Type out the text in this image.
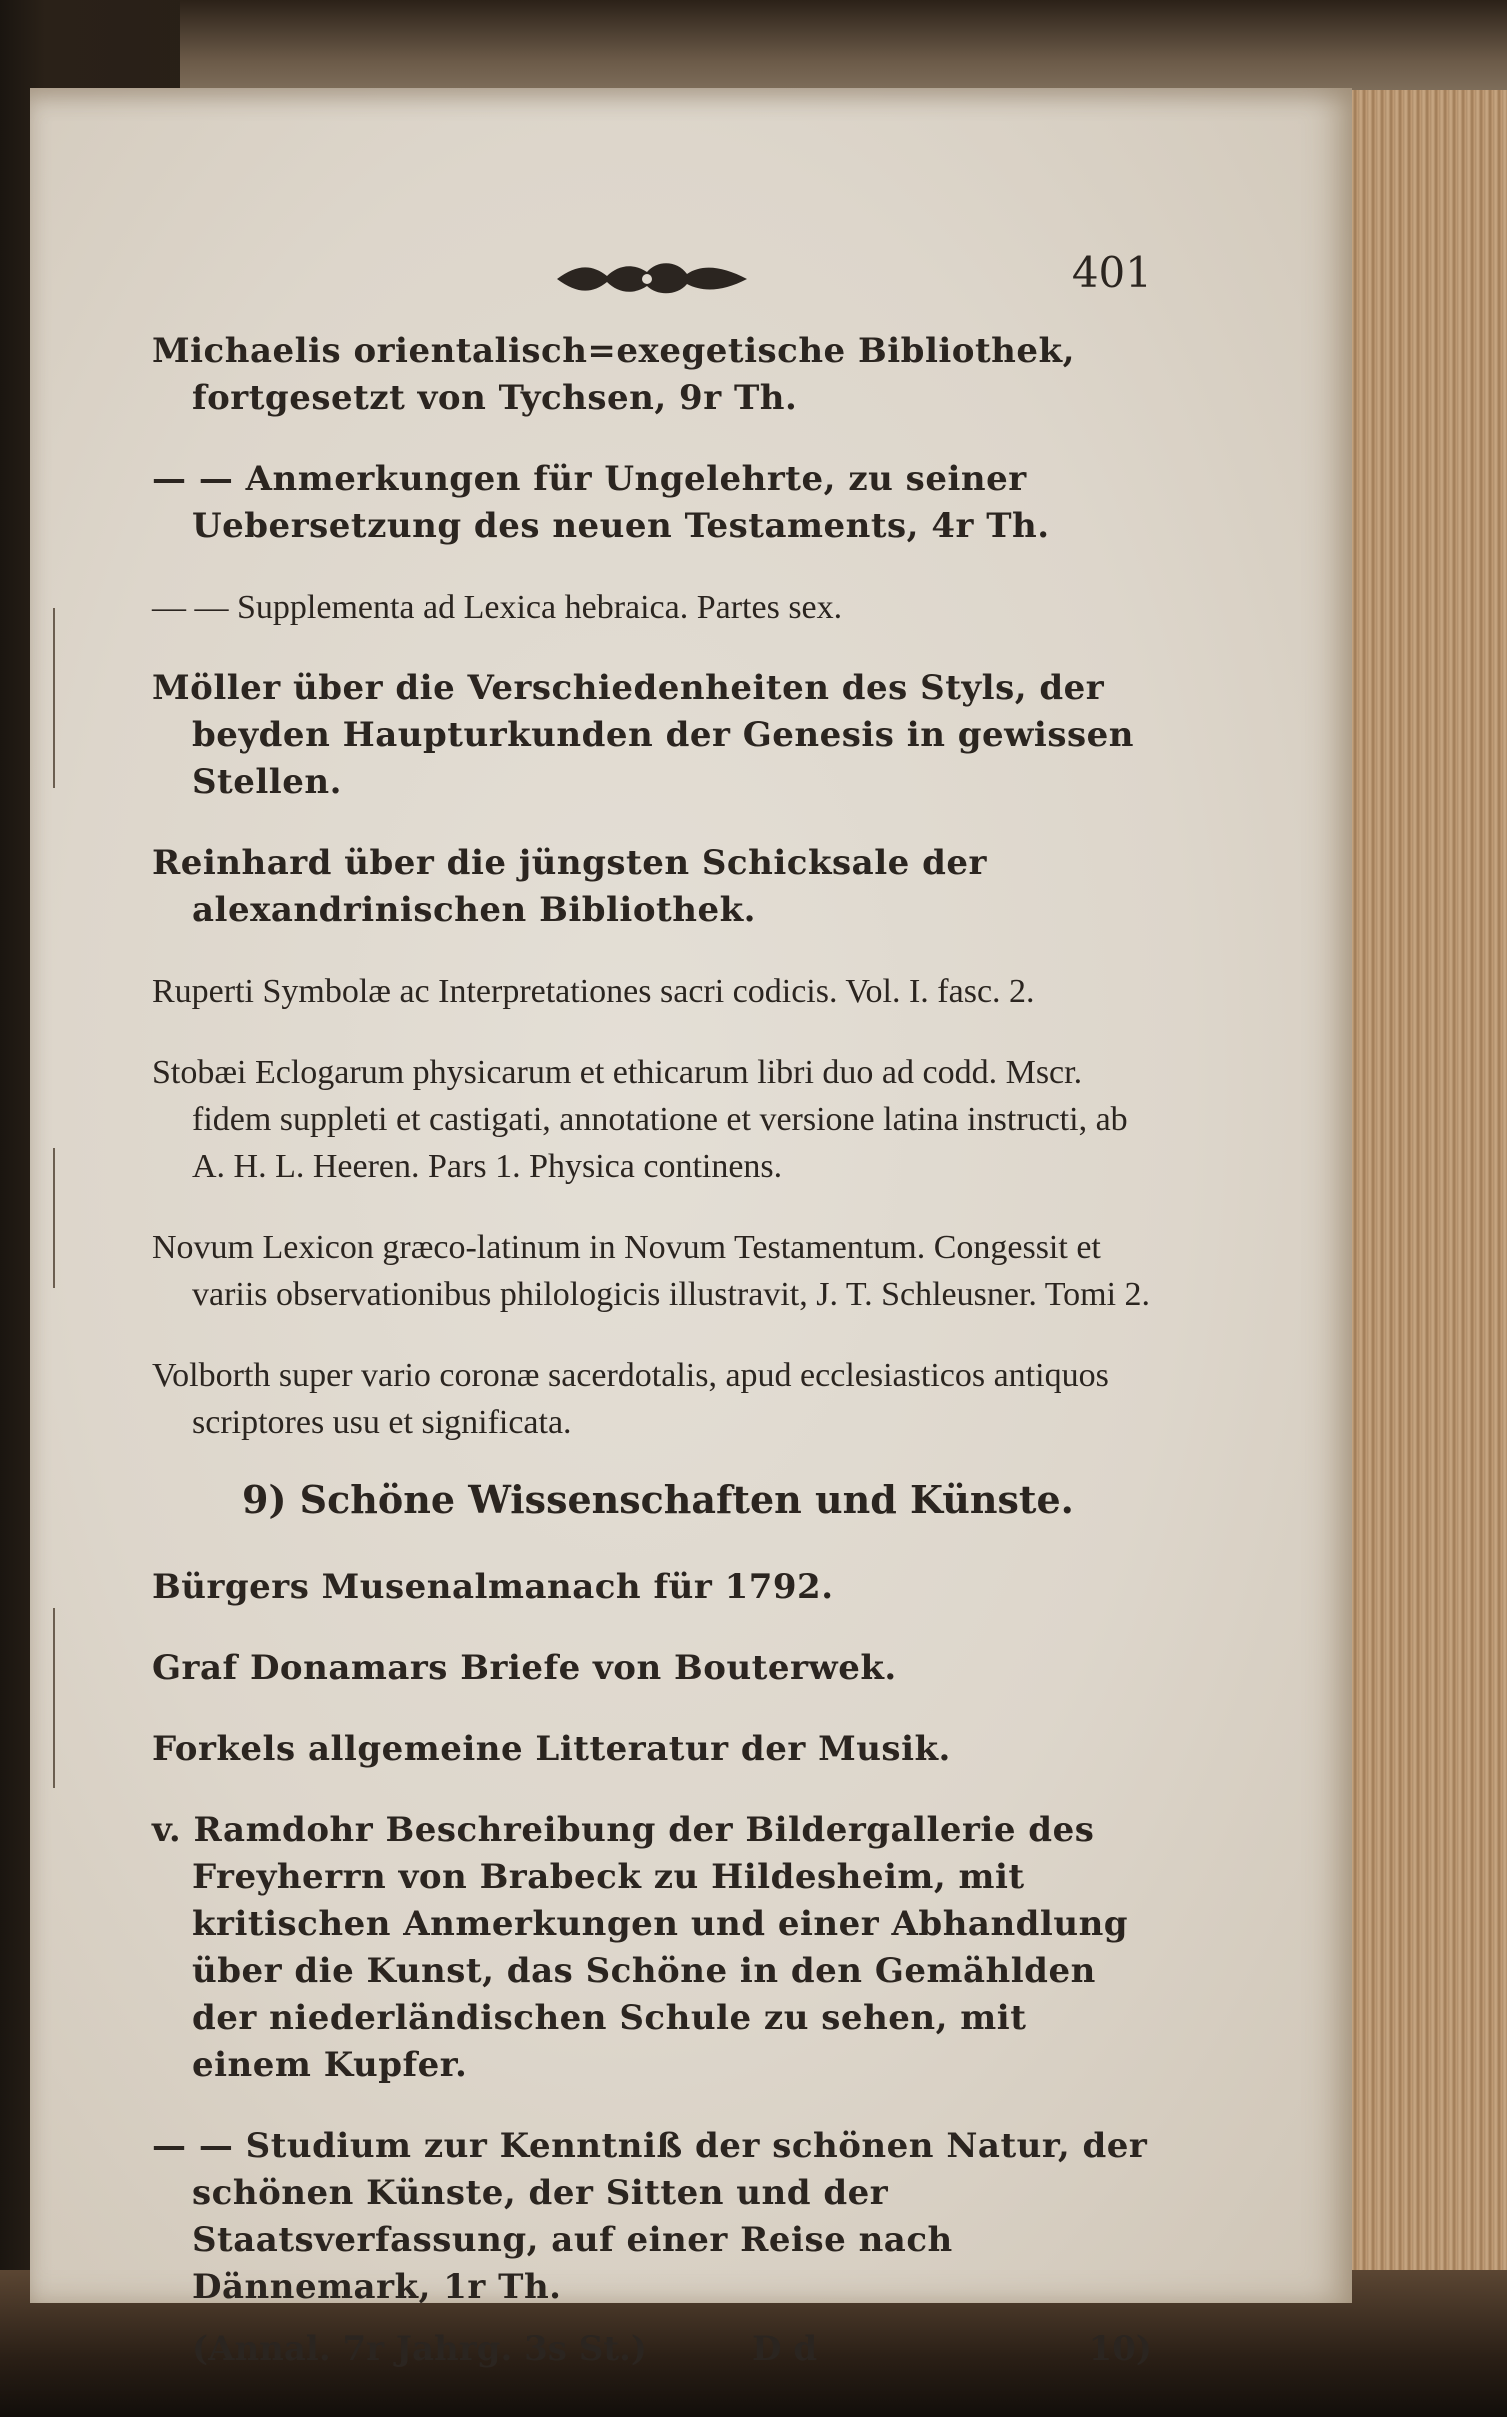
401

Michaelis orientalisch=exegetische Bibliothek, fortgesetzt von Tychsen, 9r Th.

— — Anmerkungen für Ungelehrte, zu seiner Uebersetzung des neuen Testaments, 4r Th.

— — Supplementa ad Lexica hebraica. Partes sex.

Möller über die Verschiedenheiten des Styls, der beyden Haupturkunden der Genesis in gewissen Stellen.

Reinhard über die jüngsten Schicksale der alexandrinischen Bibliothek.

Ruperti Symbolæ ac Interpretationes sacri codicis. Vol. I. fasc. 2.

Stobæi Eclogarum physicarum et ethicarum libri duo ad codd. Mscr. fidem suppleti et castigati, annotatione et versione latina instructi, ab A. H. L. Heeren. Pars 1. Physica continens.

Novum Lexicon græco-latinum in Novum Testamentum. Congessit et variis observationibus philologicis illustravit, J. T. Schleusner. Tomi 2.

Volborth super vario coronæ sacerdotalis, apud ecclesiasticos antiquos scriptores usu et significata.

9) Schöne Wissenschaften und Künste.

Bürgers Musenalmanach für 1792.

Graf Donamars Briefe von Bouterwek.

Forkels allgemeine Litteratur der Musik.

v. Ramdohr Beschreibung der Bildergallerie des Freyherrn von Brabeck zu Hildesheim, mit kritischen Anmerkungen und einer Abhandlung über die Kunst, das Schöne in den Gemählden der niederländischen Schule zu sehen, mit einem Kupfer.

— — Studium zur Kenntniß der schönen Natur, der schönen Künste, der Sitten und der Staatsverfassung, auf einer Reise nach Dännemark, 1r Th.

(Annal. 7r Jahrg. 3s St.)	D d	10)
